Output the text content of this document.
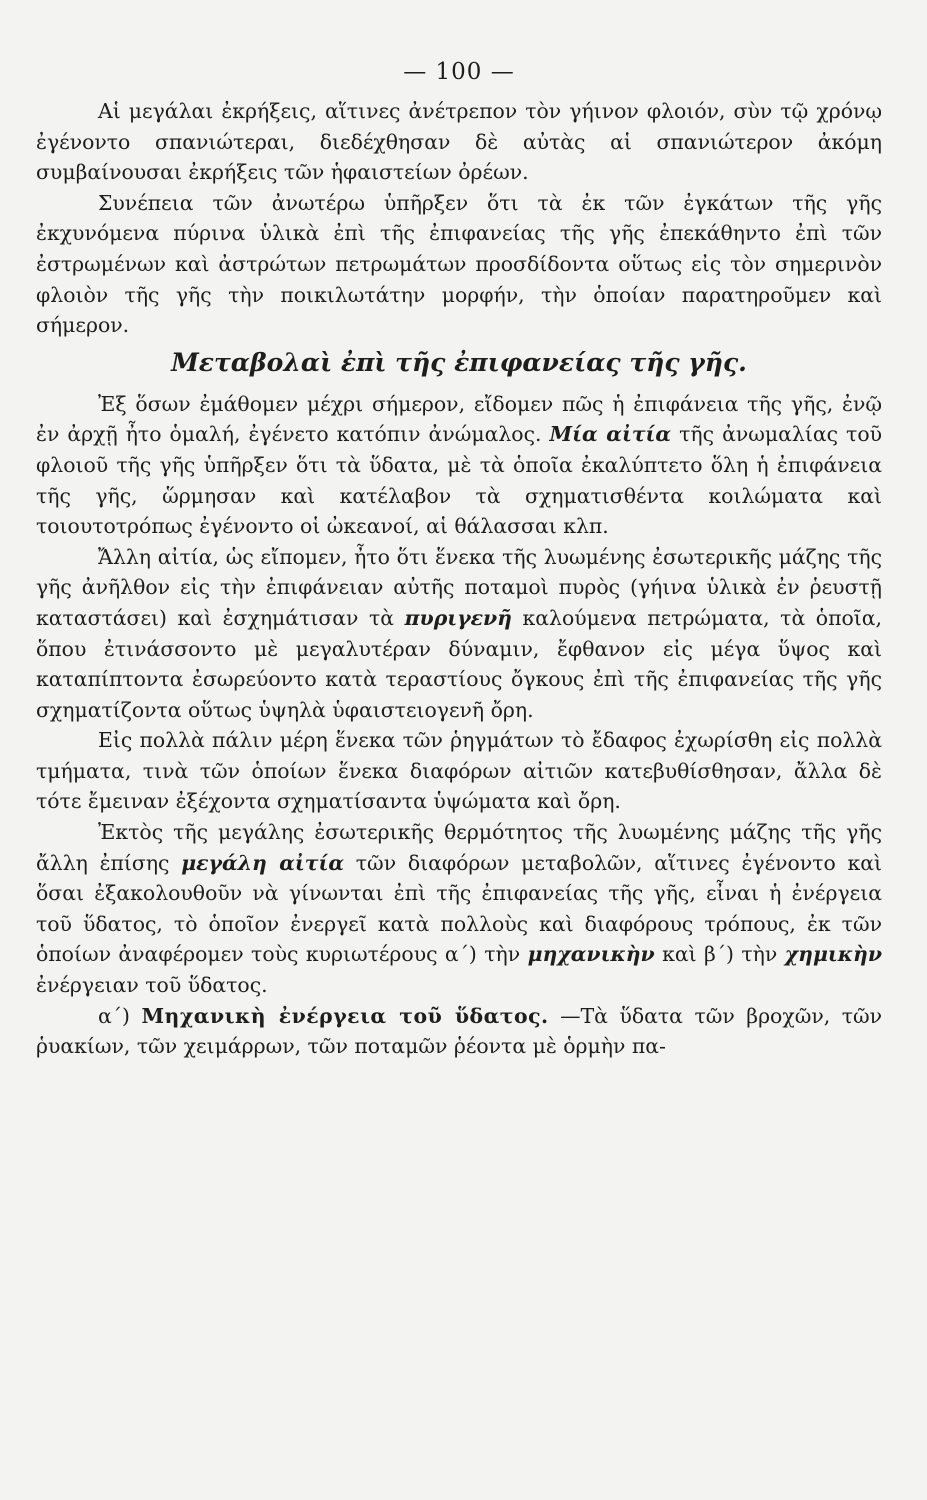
— 100 —

Αἱ μεγάλαι ἐκρήξεις, αἵτινες ἀνέτρεπον τὸν γήινον φλοιόν, σὺν τῷ χρόνῳ ἐγένοντο σπανιώτεραι, διεδέχθησαν δὲ αὐτὰς αἱ σπανιώτερον ἀκόμη συμβαίνουσαι ἐκρήξεις τῶν ἡφαιστείων ὀρέων.

Συνέπεια τῶν ἀνωτέρω ὑπῆρξεν ὅτι τὰ ἐκ τῶν ἐγκάτων τῆς γῆς ἐκχυνόμενα πύρινα ὑλικὰ ἐπὶ τῆς ἐπιφανείας τῆς γῆς ἐπεκάθηντο ἐπὶ τῶν ἐστρωμένων καὶ ἀστρώτων πετρωμάτων προσδίδοντα οὕτως εἰς τὸν σημερινὸν φλοιὸν τῆς γῆς τὴν ποικιλωτάτην μορφήν, τὴν ὁποίαν παρατηροῦμεν καὶ σήμερον.

Μεταβολαὶ ἐπὶ τῆς ἐπιφανείας τῆς γῆς.

Ἐξ ὅσων ἐμάθομεν μέχρι σήμερον, εἴδομεν πῶς ἡ ἐπιφάνεια τῆς γῆς, ἐνῷ ἐν ἀρχῇ ἦτο ὁμαλή, ἐγένετο κατόπιν ἀνώμαλος. Μία αἰτία τῆς ἀνωμαλίας τοῦ φλοιοῦ τῆς γῆς ὑπῆρξεν ὅτι τὰ ὕδατα, μὲ τὰ ὁποῖα ἐκαλύπτετο ὅλη ἡ ἐπιφάνεια τῆς γῆς, ὥρμησαν καὶ κατέλαβον τὰ σχηματισθέντα κοιλώματα καὶ τοιουτοτρόπως ἐγένοντο οἱ ὠκεανοί, αἱ θάλασσαι κλπ.

Ἄλλη αἰτία, ὡς εἴπομεν, ἦτο ὅτι ἕνεκα τῆς λυωμένης ἐσωτερικῆς μάζης τῆς γῆς ἀνῆλθον εἰς τὴν ἐπιφάνειαν αὐτῆς ποταμοὶ πυρὸς (γήινα ὑλικὰ ἐν ῥευστῇ καταστάσει) καὶ ἐσχημάτισαν τὰ πυριγενῆ καλούμενα πετρώματα, τὰ ὁποῖα, ὅπου ἐτινάσσοντο μὲ μεγαλυτέραν δύναμιν, ἔφθανον εἰς μέγα ὕψος καὶ καταπίπτοντα ἐσωρεύοντο κατὰ τεραστίους ὄγκους ἐπὶ τῆς ἐπιφανείας τῆς γῆς σχηματίζοντα οὕτως ὑψηλὰ ὑφαιστειογενῆ ὄρη.

Εἰς πολλὰ πάλιν μέρη ἕνεκα τῶν ῥηγμάτων τὸ ἔδαφος ἐχωρίσθη εἰς πολλὰ τμήματα, τινὰ τῶν ὁποίων ἕνεκα διαφόρων αἰτιῶν κατεβυθίσθησαν, ἄλλα δὲ τότε ἔμειναν ἐξέχοντα σχηματίσαντα ὑψώματα καὶ ὄρη.

Ἐκτὸς τῆς μεγάλης ἐσωτερικῆς θερμότητος τῆς λυωμένης μάζης τῆς γῆς ἄλλη ἐπίσης μεγάλη αἰτία τῶν διαφόρων μεταβολῶν, αἵτινες ἐγένοντο καὶ ὅσαι ἐξακολουθοῦν νὰ γίνωνται ἐπὶ τῆς ἐπιφανείας τῆς γῆς, εἶναι ἡ ἐνέργεια τοῦ ὕδατος, τὸ ὁποῖον ἐνεργεῖ κατὰ πολλοὺς καὶ διαφόρους τρόπους, ἐκ τῶν ὁποίων ἀναφέρομεν τοὺς κυριωτέρους α΄) τὴν μηχανικὴν καὶ β΄) τὴν χημικὴν ἐνέργειαν τοῦ ὕδατος.

α΄) Μηχανικὴ ἐνέργεια τοῦ ὕδατος. —Τὰ ὕδατα τῶν βροχῶν, τῶν ῥυακίων, τῶν χειμάρρων, τῶν ποταμῶν ῥέοντα μὲ ὁρμὴν πα-
